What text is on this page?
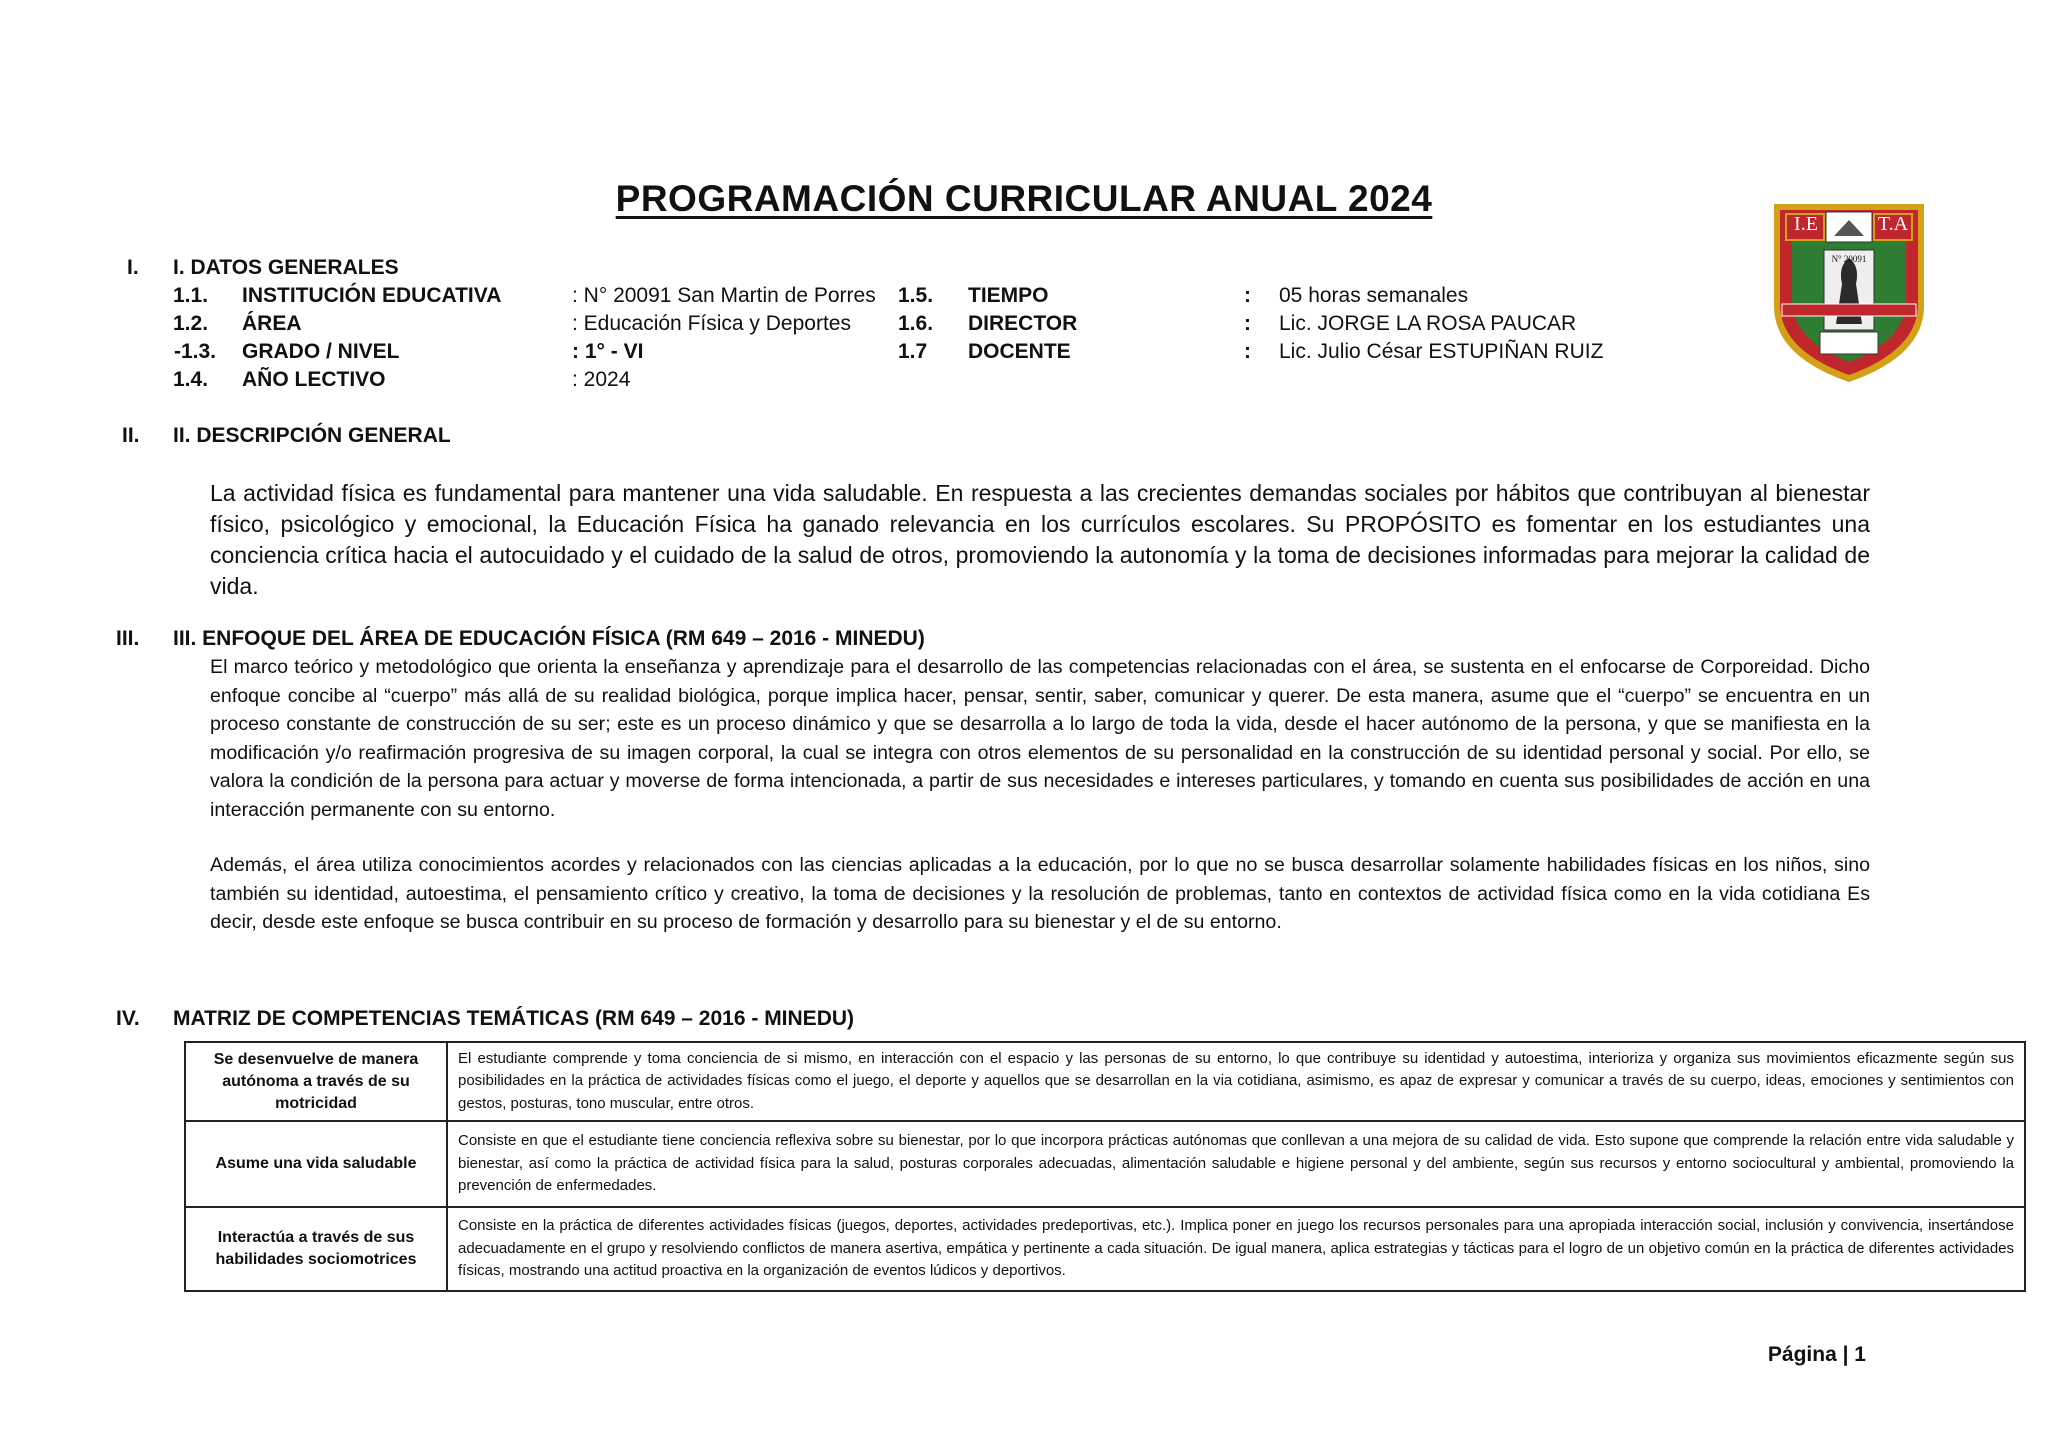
PROGRAMACIÓN CURRICULAR ANUAL 2024
I.E	T.A
N° 20091
I. I. DATOS GENERALES
1.1. INSTITUCIÓN EDUCATIVA	: N° 20091 San Martin de Porres
1.2. ÁREA	: Educación Física y Deportes
-1.3. GRADO / NIVEL	: 1° - VI
1.4. AÑO LECTIVO	: 2024
1.5. TIEMPO	: 05 horas semanales
1.6. DIRECTOR	: Lic. JORGE LA ROSA PAUCAR
1.7 DOCENTE	: Lic. Julio César ESTUPIÑAN RUIZ
II. II. DESCRIPCIÓN GENERAL
La actividad física es fundamental para mantener una vida saludable. En respuesta a las crecientes demandas sociales por hábitos que contribuyan al bienestar físico, psicológico y emocional, la Educación Física ha ganado relevancia en los currículos escolares. Su PROPÓSITO es fomentar en los estudiantes una conciencia crítica hacia el autocuidado y el cuidado de la salud de otros, promoviendo la autonomía y la toma de decisiones informadas para mejorar la calidad de vida.
III. III. ENFOQUE DEL ÁREA DE EDUCACIÓN FÍSICA (RM 649 – 2016 - MINEDU)
El marco teórico y metodológico que orienta la enseñanza y aprendizaje para el desarrollo de las competencias relacionadas con el área, se sustenta en el enfocarse de Corporeidad. Dicho enfoque concibe al “cuerpo” más allá de su realidad biológica, porque implica hacer, pensar, sentir, saber, comunicar y querer. De esta manera, asume que el “cuerpo” se encuentra en un proceso constante de construcción de su ser; este es un proceso dinámico y que se desarrolla a lo largo de toda la vida, desde el hacer autónomo de la persona, y que se manifiesta en la modificación y/o reafirmación progresiva de su imagen corporal, la cual se integra con otros elementos de su personalidad en la construcción de su identidad personal y social. Por ello, se valora la condición de la persona para actuar y moverse de forma intencionada, a partir de sus necesidades e intereses particulares, y tomando en cuenta sus posibilidades de acción en una interacción permanente con su entorno.
Además, el área utiliza conocimientos acordes y relacionados con las ciencias aplicadas a la educación, por lo que no se busca desarrollar solamente habilidades físicas en los niños, sino también su identidad, autoestima, el pensamiento crítico y creativo, la toma de decisiones y la resolución de problemas, tanto en contextos de actividad física como en la vida cotidiana Es decir, desde este enfoque se busca contribuir en su proceso de formación y desarrollo para su bienestar y el de su entorno.
IV. MATRIZ DE COMPETENCIAS TEMÁTICAS (RM 649 – 2016 - MINEDU)
Se desenvuelve de manera autónoma a través de su motricidad	El estudiante comprende y toma conciencia de si mismo, en interacción con el espacio y las personas de su entorno, lo que contribuye su identidad y autoestima, interioriza y organiza sus movimientos eficazmente según sus posibilidades en la práctica de actividades físicas como el juego, el deporte y aquellos que se desarrollan en la via cotidiana, asimismo, es apaz de expresar y comunicar a través de su cuerpo, ideas, emociones y sentimientos con gestos, posturas, tono muscular, entre otros.
Asume una vida saludable	Consiste en que el estudiante tiene conciencia reflexiva sobre su bienestar, por lo que incorpora prácticas autónomas que conllevan a una mejora de su calidad de vida. Esto supone que comprende la relación entre vida saludable y bienestar, así como la práctica de actividad física para la salud, posturas corporales adecuadas, alimentación saludable e higiene personal y del ambiente, según sus recursos y entorno sociocultural y ambiental, promoviendo la prevención de enfermedades.
Interactúa a través de sus habilidades sociomotrices	Consiste en la práctica de diferentes actividades físicas (juegos, deportes, actividades predeportivas, etc.). Implica poner en juego los recursos personales para una apropiada interacción social, inclusión y convivencia, insertándose adecuadamente en el grupo y resolviendo conflictos de manera asertiva, empática y pertinente a cada situación. De igual manera, aplica estrategias y tácticas para el logro de un objetivo común en la práctica de diferentes actividades físicas, mostrando una actitud proactiva en la organización de eventos lúdicos y deportivos.
Página | 1
